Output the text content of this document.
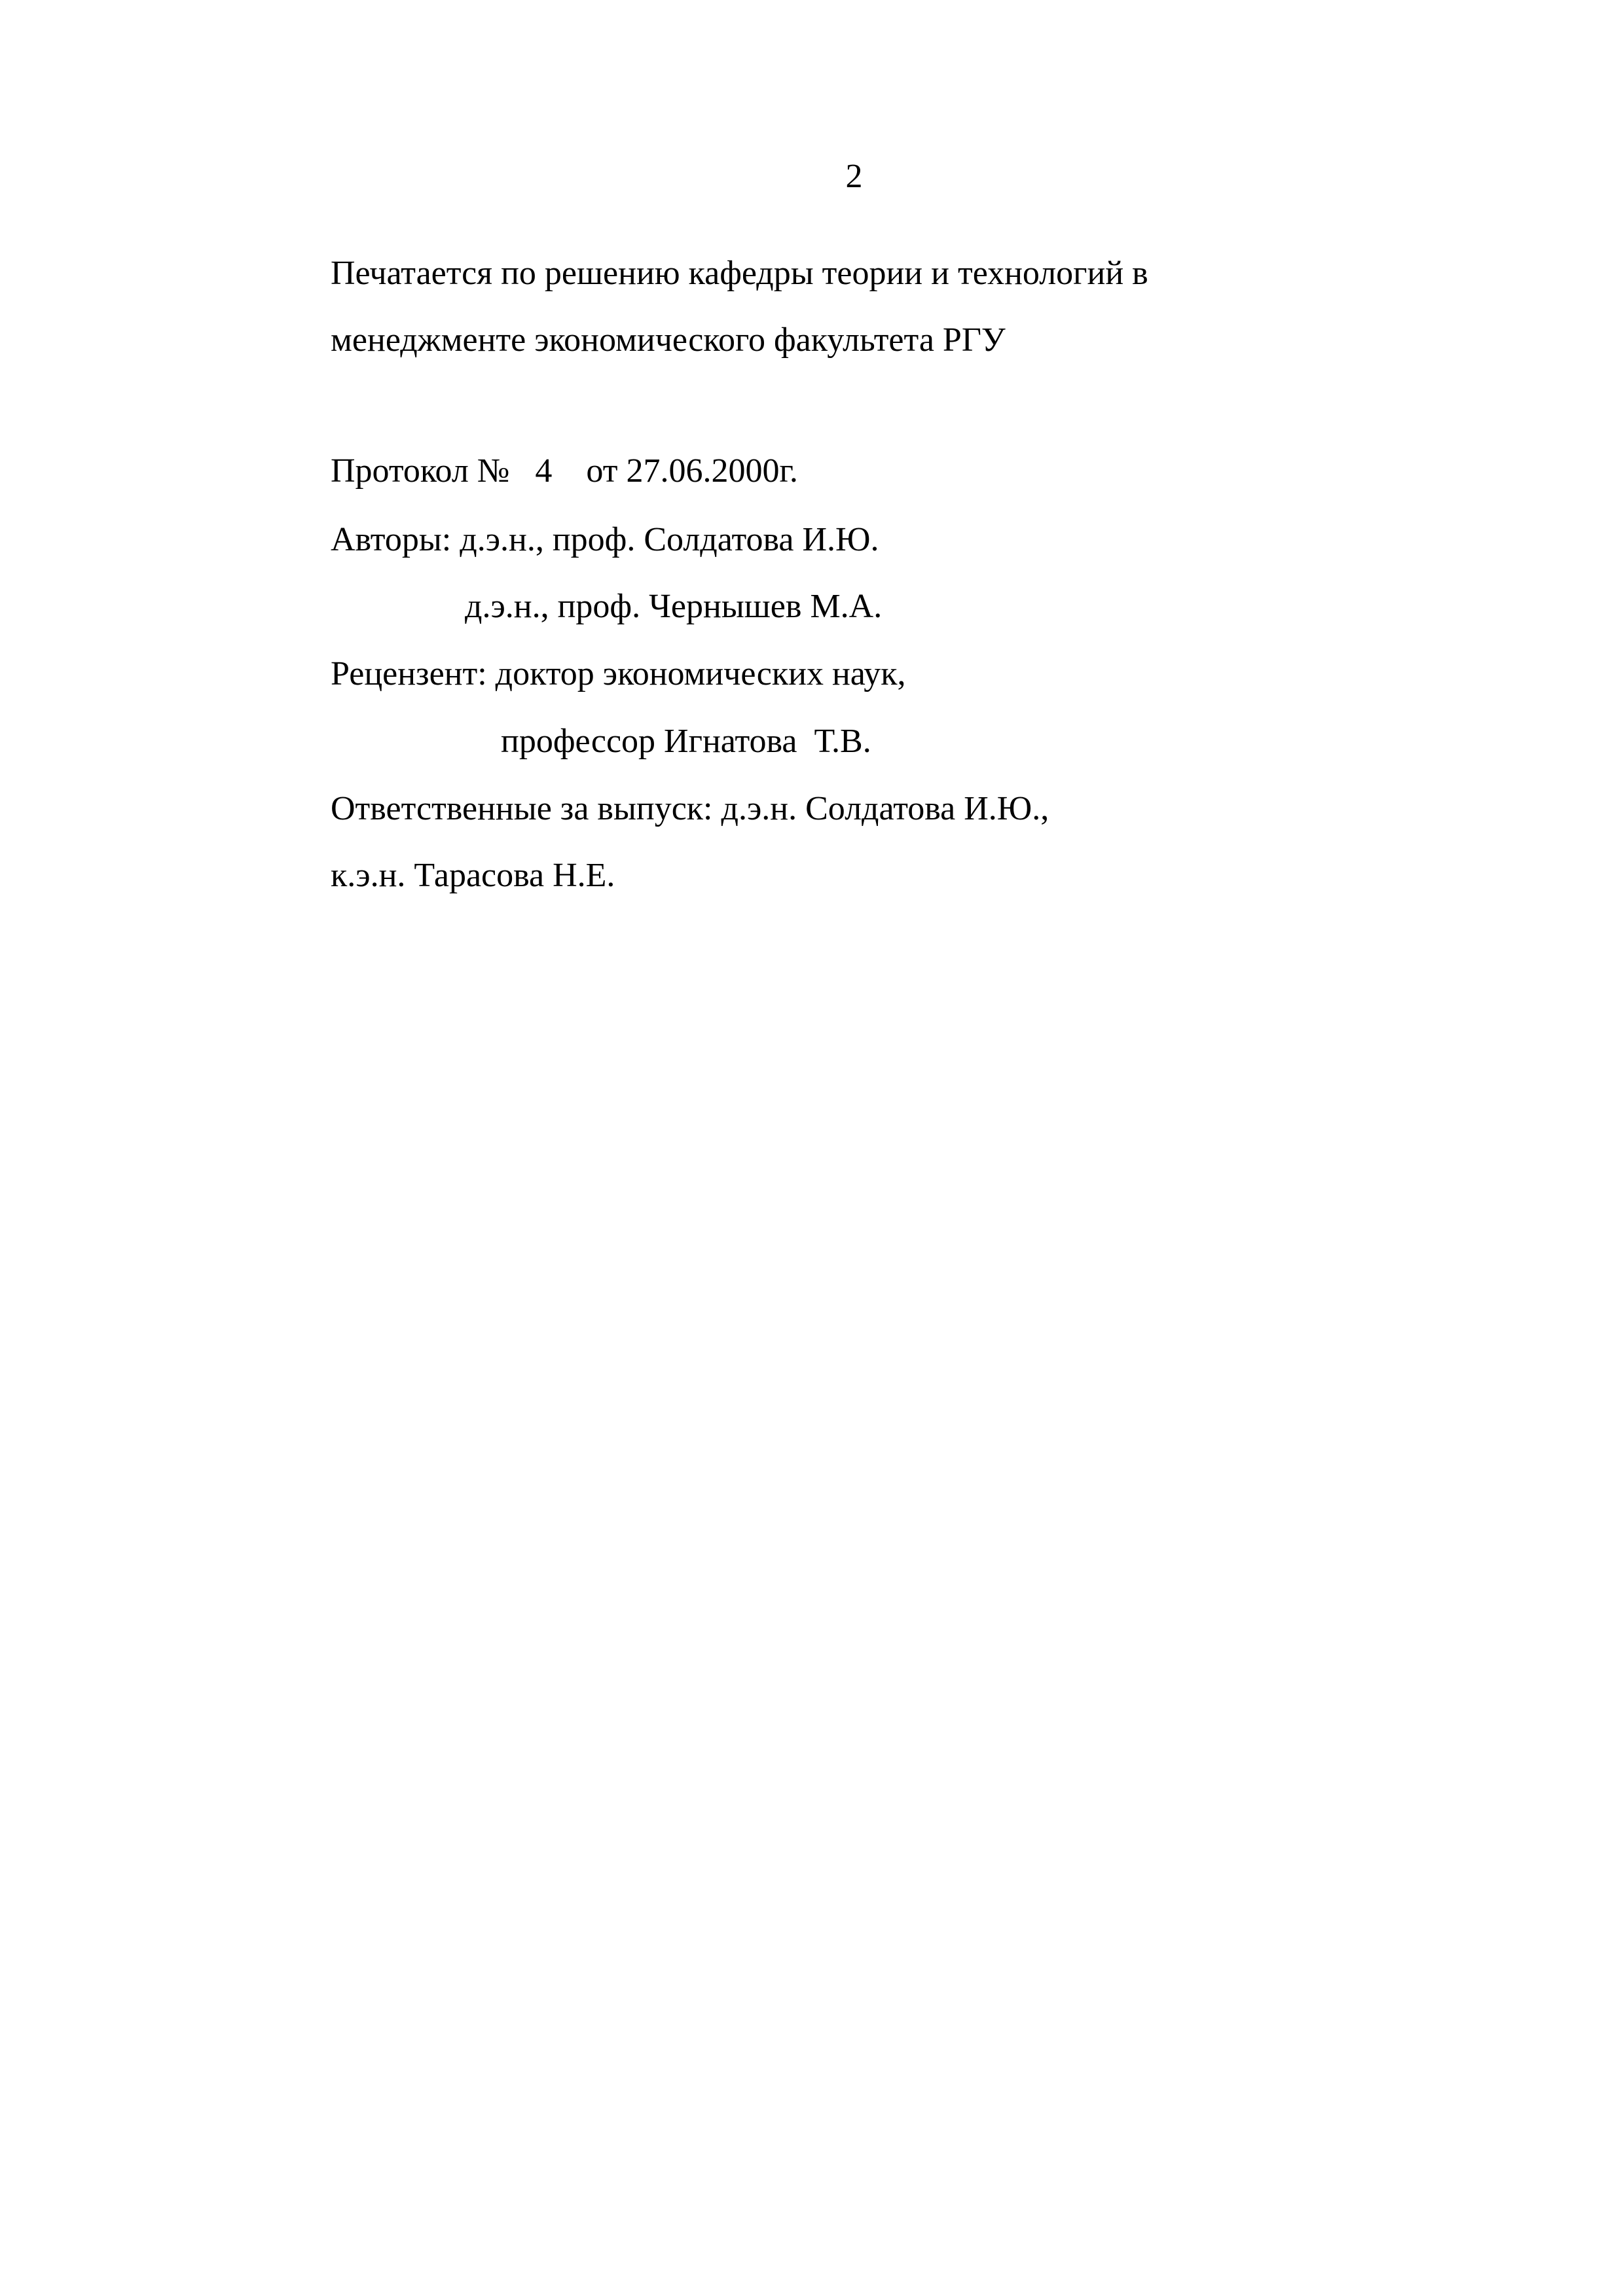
2
Печатается по решению кафедры теории и технологий в
менеджменте экономического факультета РГУ
Протокол №   4    от 27.06.2000г.
Авторы: д.э.н., проф. Солдатова И.Ю.
д.э.н., проф. Чернышев М.А.
Рецензент: доктор экономических наук,
профессор Игнатова  Т.В.
Ответственные за выпуск: д.э.н. Солдатова И.Ю.,
к.э.н. Тарасова Н.Е.
